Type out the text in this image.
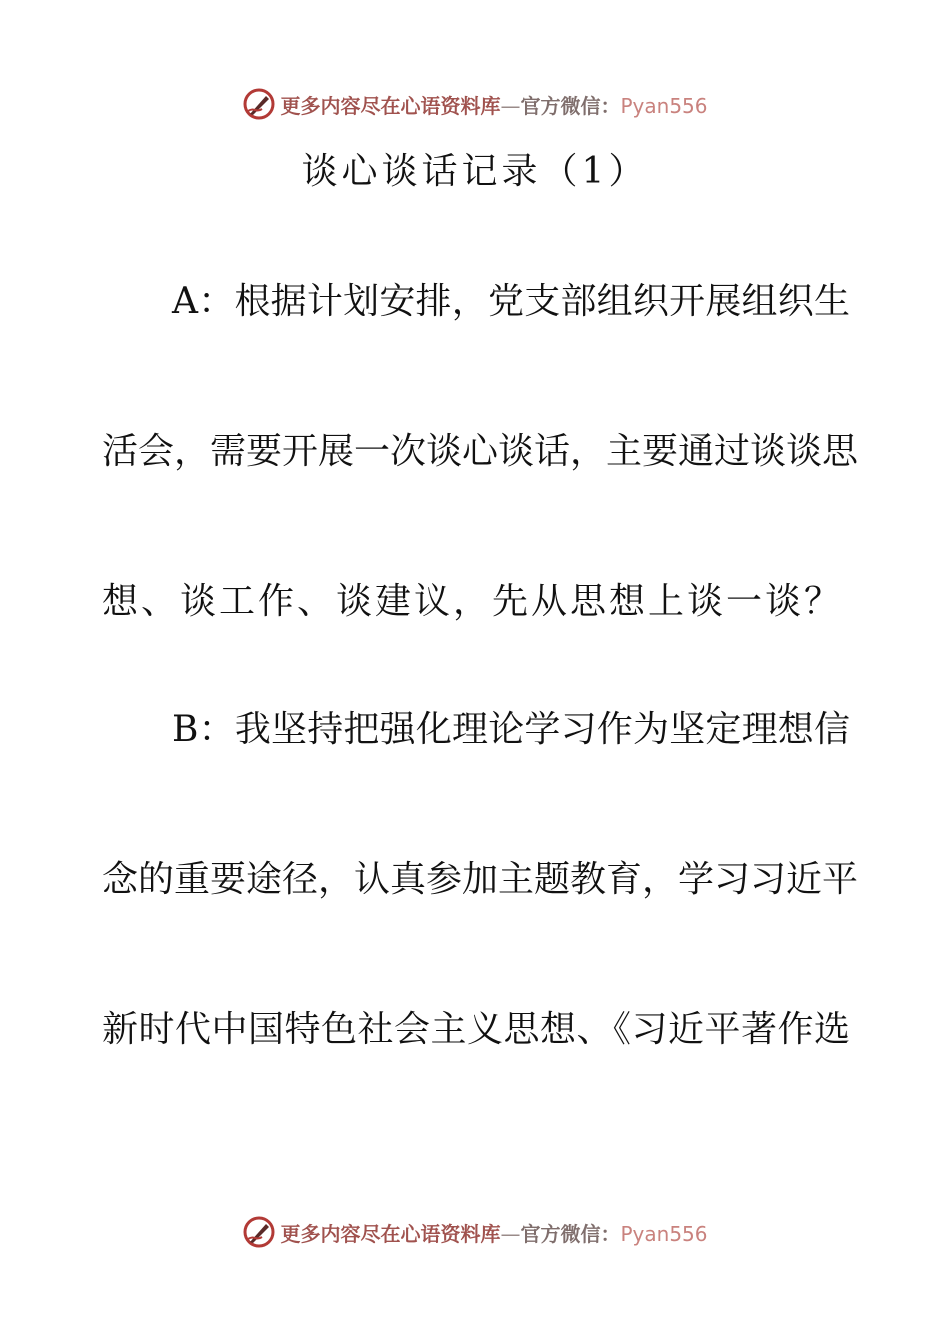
更多内容尽在心语资料库—官方微信：Pyan556
谈心谈话记录（1）
A：根据计划安排，党支部组织开展组织生
活会，需要开展一次谈心谈话，主要通过谈谈思
想、谈工作、谈建议，先从思想上谈一谈？
B：我坚持把强化理论学习作为坚定理想信
念的重要途径，认真参加主题教育，学习习近平
新时代中国特色社会主义思想、《习近平著作选
更多内容尽在心语资料库—官方微信：Pyan556
